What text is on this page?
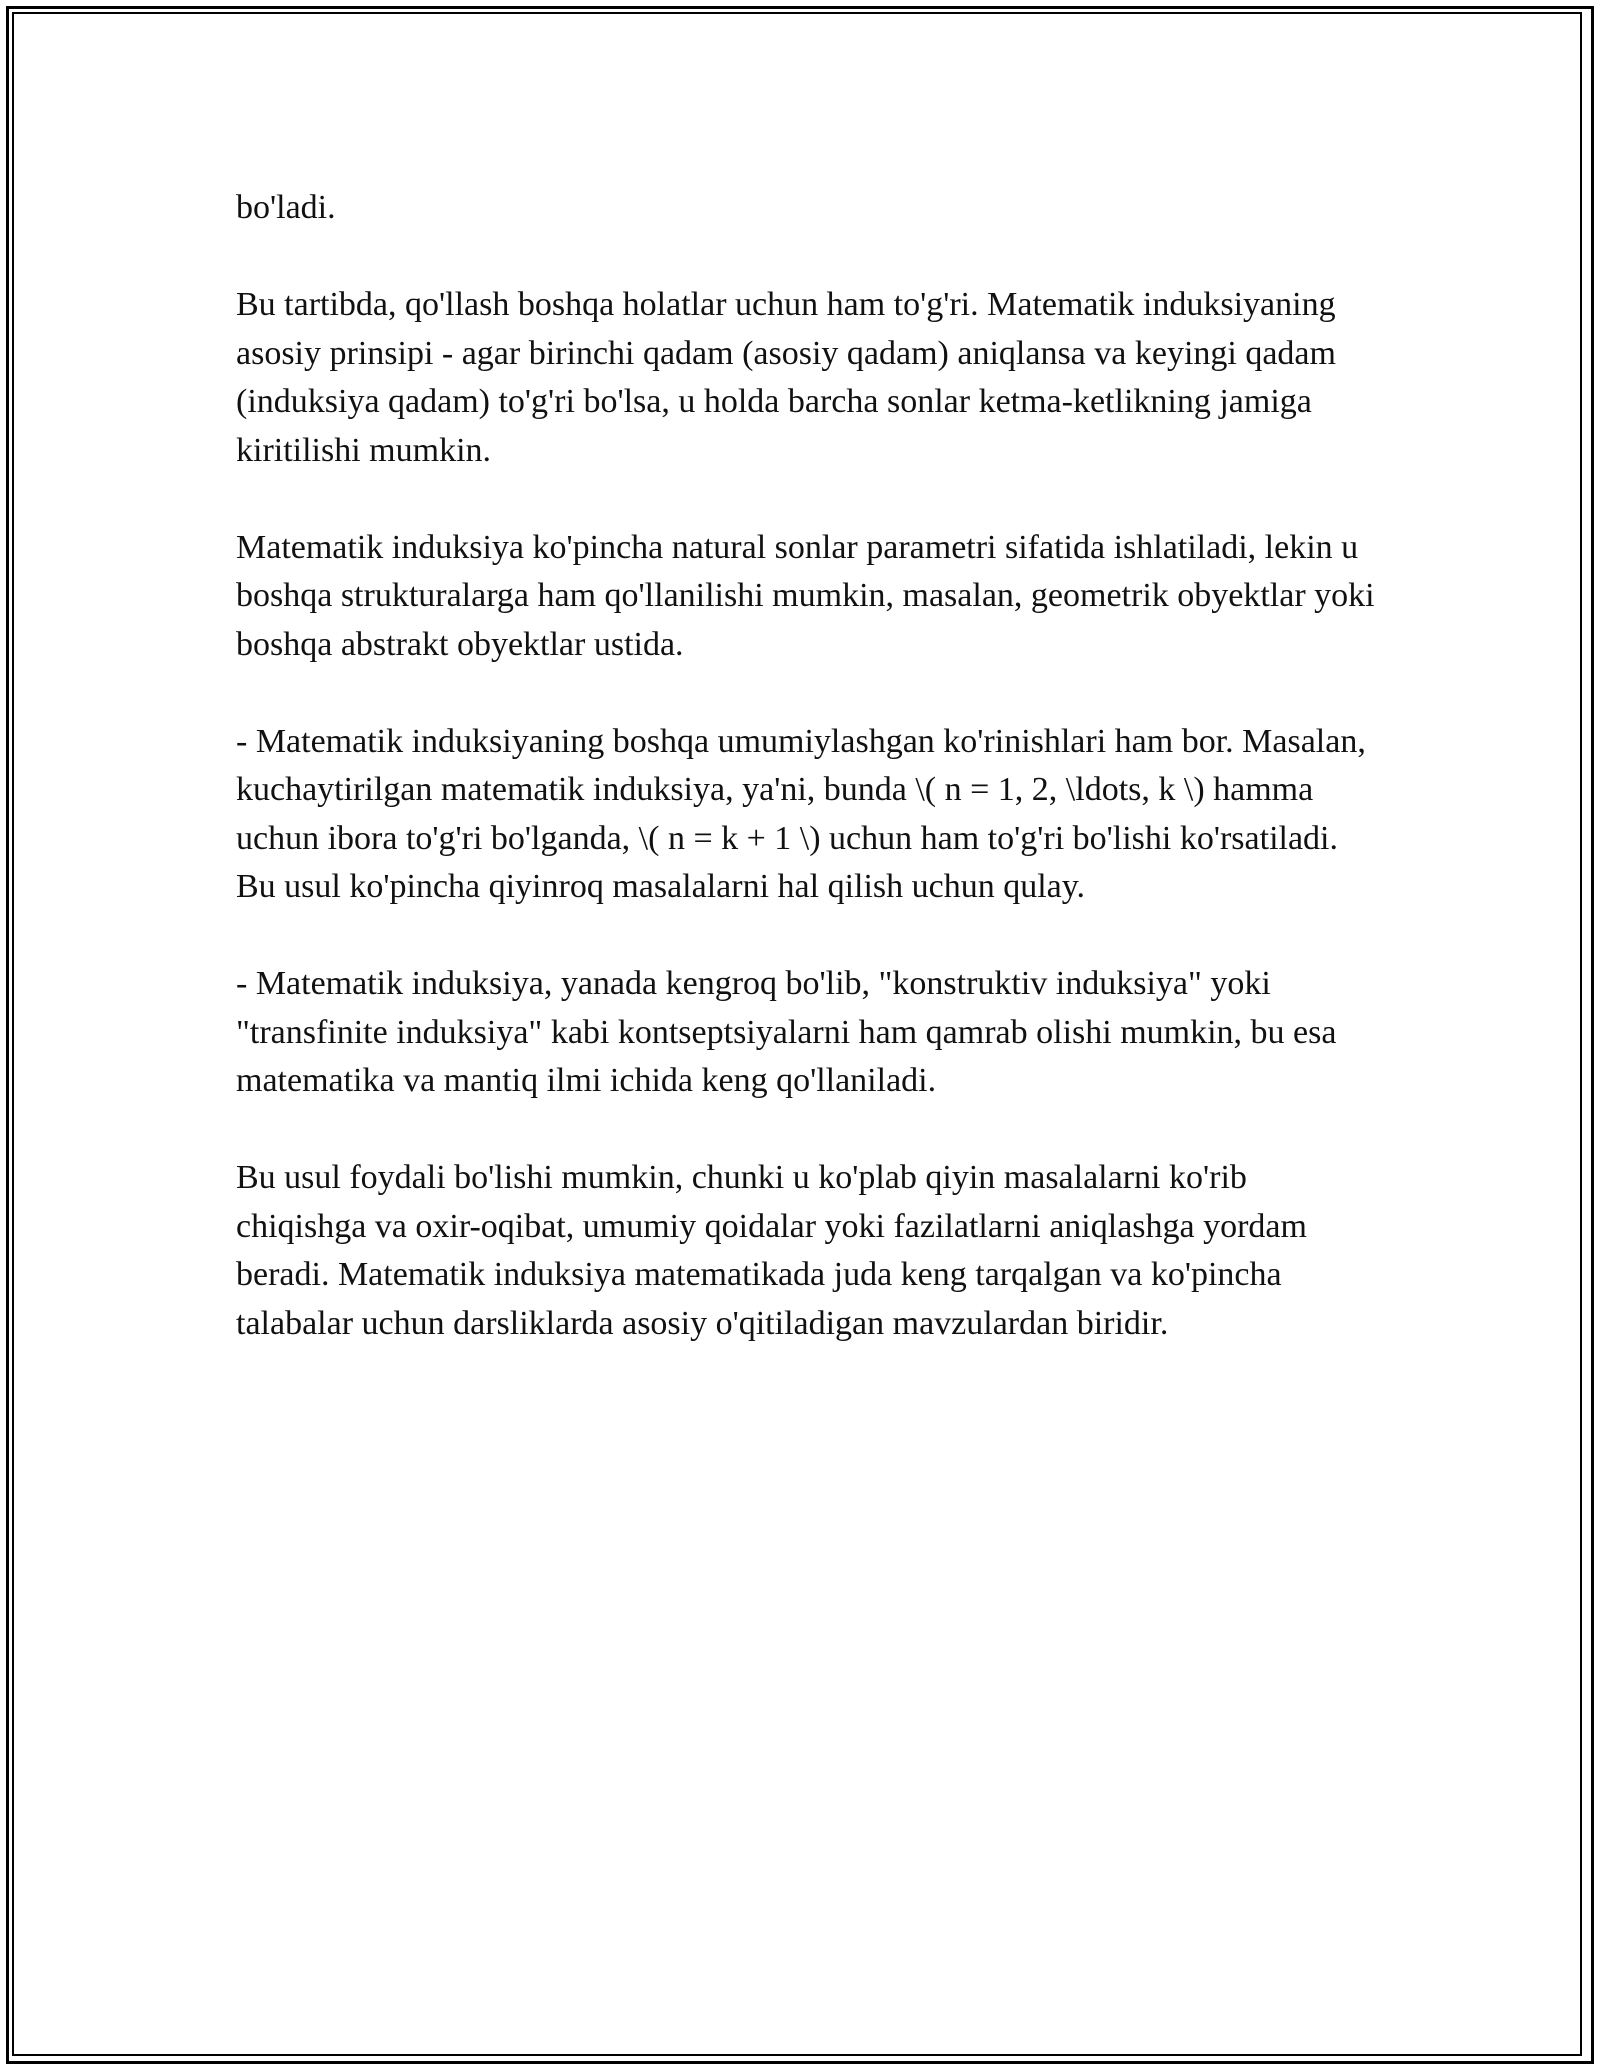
bo'ladi.

Bu tartibda, qo'llash boshqa holatlar uchun ham to'g'ri. Matematik induksiyaning asosiy prinsipi - agar birinchi qadam (asosiy qadam) aniqlansa va keyingi qadam (induksiya qadam) to'g'ri bo'lsa, u holda barcha sonlar ketma-ketlikning jamiga kiritilishi mumkin.

Matematik induksiya ko'pincha natural sonlar parametri sifatida ishlatiladi, lekin u boshqa strukturalarga ham qo'llanilishi mumkin, masalan, geometrik obyektlar yoki boshqa abstrakt obyektlar ustida.

- Matematik induksiyaning boshqa umumiylashgan ko'rinishlari ham bor. Masalan, kuchaytirilgan matematik induksiya, ya'ni, bunda \( n = 1, 2, \ldots, k \) hamma uchun ibora to'g'ri bo'lganda, \( n = k + 1 \) uchun ham to'g'ri bo'lishi ko'rsatiladi. Bu usul ko'pincha qiyinroq masalalarni hal qilish uchun qulay.

- Matematik induksiya, yanada kengroq bo'lib, "konstruktiv induksiya" yoki "transfinite induksiya" kabi kontseptsiyalarni ham qamrab olishi mumkin, bu esa matematika va mantiq ilmi ichida keng qo'llaniladi.

Bu usul foydali bo'lishi mumkin, chunki u ko'plab qiyin masalalarni ko'rib chiqishga va oxir-oqibat, umumiy qoidalar yoki fazilatlarni aniqlashga yordam beradi. Matematik induksiya matematikada juda keng tarqalgan va ko'pincha talabalar uchun darsliklarda asosiy o'qitiladigan mavzulardan biridir.
